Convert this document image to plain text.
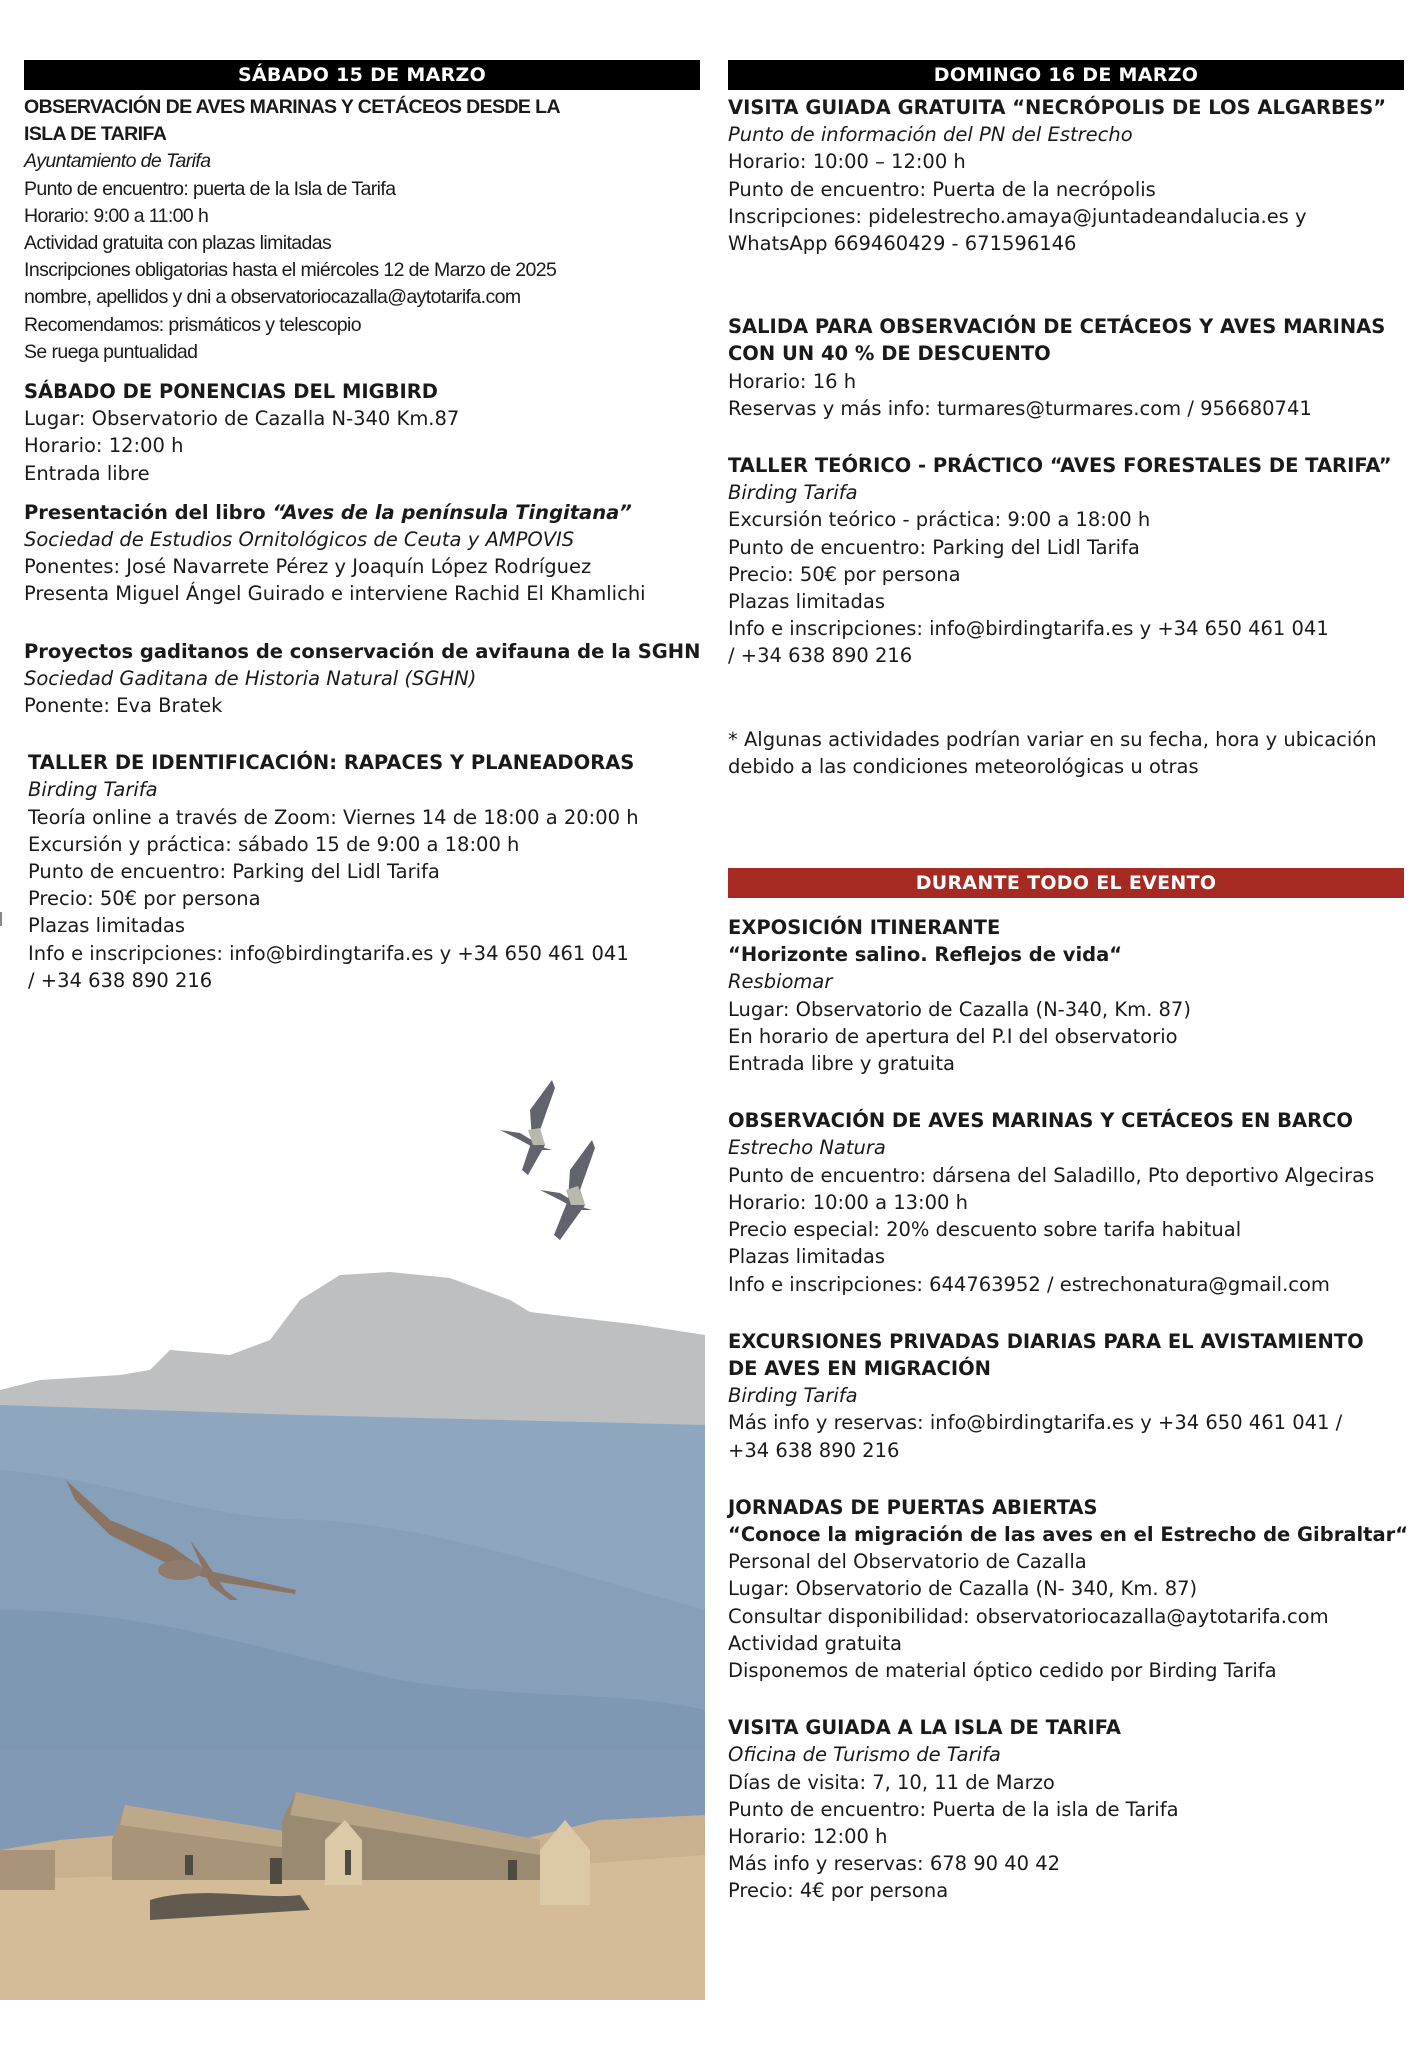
SÁBADO 15 DE MARZO
OBSERVACIÓN DE AVES MARINAS Y CETÁCEOS DESDE LA
ISLA DE TARIFA
Ayuntamiento de Tarifa
Punto de encuentro: puerta de la Isla de Tarifa
Horario: 9:00 a 11:00 h
Actividad gratuita con plazas limitadas
Inscripciones obligatorias hasta el miércoles 12 de Marzo de 2025
nombre, apellidos y dni a observatoriocazalla@aytotarifa.com
Recomendamos: prismáticos y telescopio
Se ruega puntualidad
SÁBADO DE PONENCIAS DEL MIGBIRD
Lugar: Observatorio de Cazalla N-340 Km.87
Horario: 12:00 h
Entrada libre
Presentación del libro “Aves de la península Tingitana”
Sociedad de Estudios Ornitológicos de Ceuta y AMPOVIS
Ponentes: José Navarrete Pérez y Joaquín López Rodríguez
Presenta Miguel Ángel Guirado e interviene Rachid El Khamlichi
Proyectos gaditanos de conservación de avifauna de la SGHN
Sociedad Gaditana de Historia Natural (SGHN)
Ponente: Eva Bratek
TALLER DE IDENTIFICACIÓN: RAPACES Y PLANEADORAS
Birding Tarifa
Teoría online a través de Zoom: Viernes 14 de 18:00 a 20:00 h
Excursión y práctica: sábado 15 de 9:00 a 18:00 h
Punto de encuentro: Parking del Lidl Tarifa
Precio: 50€ por persona
Plazas limitadas
Info e inscripciones: info@birdingtarifa.es y +34 650 461 041
/ +34 638 890 216
DOMINGO 16 DE MARZO
VISITA GUIADA GRATUITA “NECRÓPOLIS DE LOS ALGARBES”
Punto de información del PN del Estrecho
Horario: 10:00 – 12:00 h
Punto de encuentro: Puerta de la necrópolis
Inscripciones: pidelestrecho.amaya@juntadeandalucia.es y
WhatsApp 669460429 - 671596146
SALIDA PARA OBSERVACIÓN DE CETÁCEOS Y AVES MARINAS
CON UN 40 % DE DESCUENTO
Horario: 16 h
Reservas y más info: turmares@turmares.com / 956680741
TALLER TEÓRICO - PRÁCTICO “AVES FORESTALES DE TARIFA”
Birding Tarifa
Excursión teórico - práctica: 9:00 a 18:00 h
Punto de encuentro: Parking del Lidl Tarifa
Precio: 50€ por persona
Plazas limitadas
Info e inscripciones: info@birdingtarifa.es y +34 650 461 041
/ +34 638 890 216
* Algunas actividades podrían variar en su fecha, hora y ubicación
debido a las condiciones meteorológicas u otras
DURANTE TODO EL EVENTO
EXPOSICIÓN ITINERANTE
“Horizonte salino. Reflejos de vida“
Resbiomar
Lugar: Observatorio de Cazalla (N-340, Km. 87)
En horario de apertura del P.I del observatorio
Entrada libre y gratuita
OBSERVACIÓN DE AVES MARINAS Y CETÁCEOS EN BARCO
Estrecho Natura
Punto de encuentro: dársena del Saladillo, Pto deportivo Algeciras
Horario: 10:00 a 13:00 h
Precio especial: 20% descuento sobre tarifa habitual
Plazas limitadas
Info e inscripciones: 644763952 / estrechonatura@gmail.com
EXCURSIONES PRIVADAS DIARIAS PARA EL AVISTAMIENTO
DE AVES EN MIGRACIÓN
Birding Tarifa
Más info y reservas: info@birdingtarifa.es y +34 650 461 041 /
+34 638 890 216
JORNADAS DE PUERTAS ABIERTAS
“Conoce la migración de las aves en el Estrecho de Gibraltar“
Personal del Observatorio de Cazalla
Lugar: Observatorio de Cazalla (N- 340, Km. 87)
Consultar disponibilidad: observatoriocazalla@aytotarifa.com
Actividad gratuita
Disponemos de material óptico cedido por Birding Tarifa
VISITA GUIADA A LA ISLA DE TARIFA
Oficina de Turismo de Tarifa
Días de visita: 7, 10, 11 de Marzo
Punto de encuentro: Puerta de la isla de Tarifa
Horario: 12:00 h
Más info y reservas: 678 90 40 42
Precio: 4€ por persona
